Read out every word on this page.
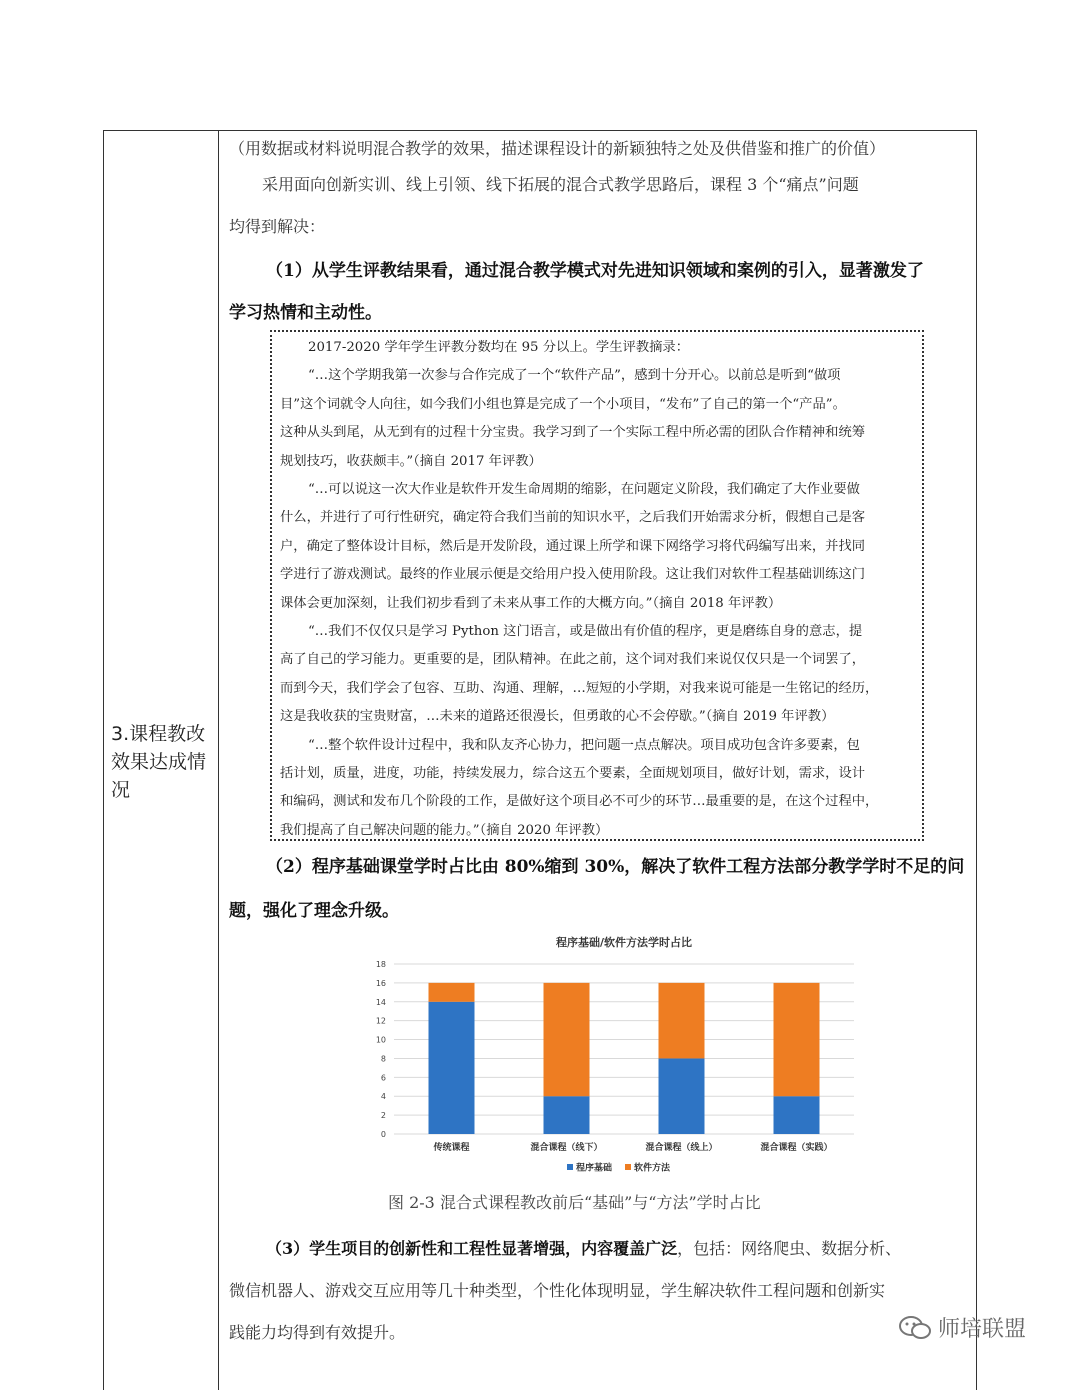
3.课程教改效果达成情况
（用数据或材料说明混合教学的效果，描述课程设计的新颖独特之处及供借鉴和推广的价值）
采用面向创新实训、线上引领、线下拓展的混合式教学思路后，课程 3 个“痛点”问题
均得到解决：
（1）从学生评教结果看，通过混合教学模式对先进知识领域和案例的引入，显著激发了
学习热情和主动性。
2017-2020 学年学生评教分数均在 95 分以上。学生评教摘录：
“…这个学期我第一次参与合作完成了一个“软件产品”，感到十分开心。以前总是听到“做项
目”这个词就令人向往，如今我们小组也算是完成了一个小项目，“发布”了自己的第一个“产品”。
这种从头到尾，从无到有的过程十分宝贵。我学习到了一个实际工程中所必需的团队合作精神和统筹
规划技巧，收获颇丰。”（摘自 2017 年评教）
“…可以说这一次大作业是软件开发生命周期的缩影，在问题定义阶段，我们确定了大作业要做
什么，并进行了可行性研究，确定符合我们当前的知识水平，之后我们开始需求分析，假想自己是客
户，确定了整体设计目标，然后是开发阶段，通过课上所学和课下网络学习将代码编写出来，并找同
学进行了游戏测试。最终的作业展示便是交给用户投入使用阶段。这让我们对软件工程基础训练这门
课体会更加深刻，让我们初步看到了未来从事工作的大概方向。”（摘自 2018 年评教）
“…我们不仅仅只是学习 Python 这门语言，或是做出有价值的程序，更是磨练自身的意志，提
高了自己的学习能力。更重要的是，团队精神。在此之前，这个词对我们来说仅仅只是一个词罢了，
而到今天，我们学会了包容、互助、沟通、理解，…短短的小学期，对我来说可能是一生铭记的经历，
这是我收获的宝贵财富，…未来的道路还很漫长，但勇敢的心不会停歇。”（摘自 2019 年评教）
“…整个软件设计过程中，我和队友齐心协力，把问题一点点解决。项目成功包含许多要素，包
括计划，质量，进度，功能，持续发展力，综合这五个要素，全面规划项目，做好计划，需求，设计
和编码，测试和发布几个阶段的工作，是做好这个项目必不可少的环节…最重要的是，在这个过程中，
我们提高了自己解决问题的能力。”（摘自 2020 年评教）
（2）程序基础课堂学时占比由 80%缩到 30%，解决了软件工程方法部分教学学时不足的问
题，强化了理念升级。
程序基础/软件方法学时占比
0
2
4
6
8
10
12
14
16
18
传统课程	混合课程（线下）	混合课程（线上）	混合课程（实践）
程序基础 软件方法
图 2-3 混合式课程教改前后“基础”与“方法”学时占比
（3）学生项目的创新性和工程性显著增强，内容覆盖广泛，包括：网络爬虫、数据分析、
微信机器人、游戏交互应用等几十种类型，个性化体现明显，学生解决软件工程问题和创新实
践能力均得到有效提升。	师培联盟
